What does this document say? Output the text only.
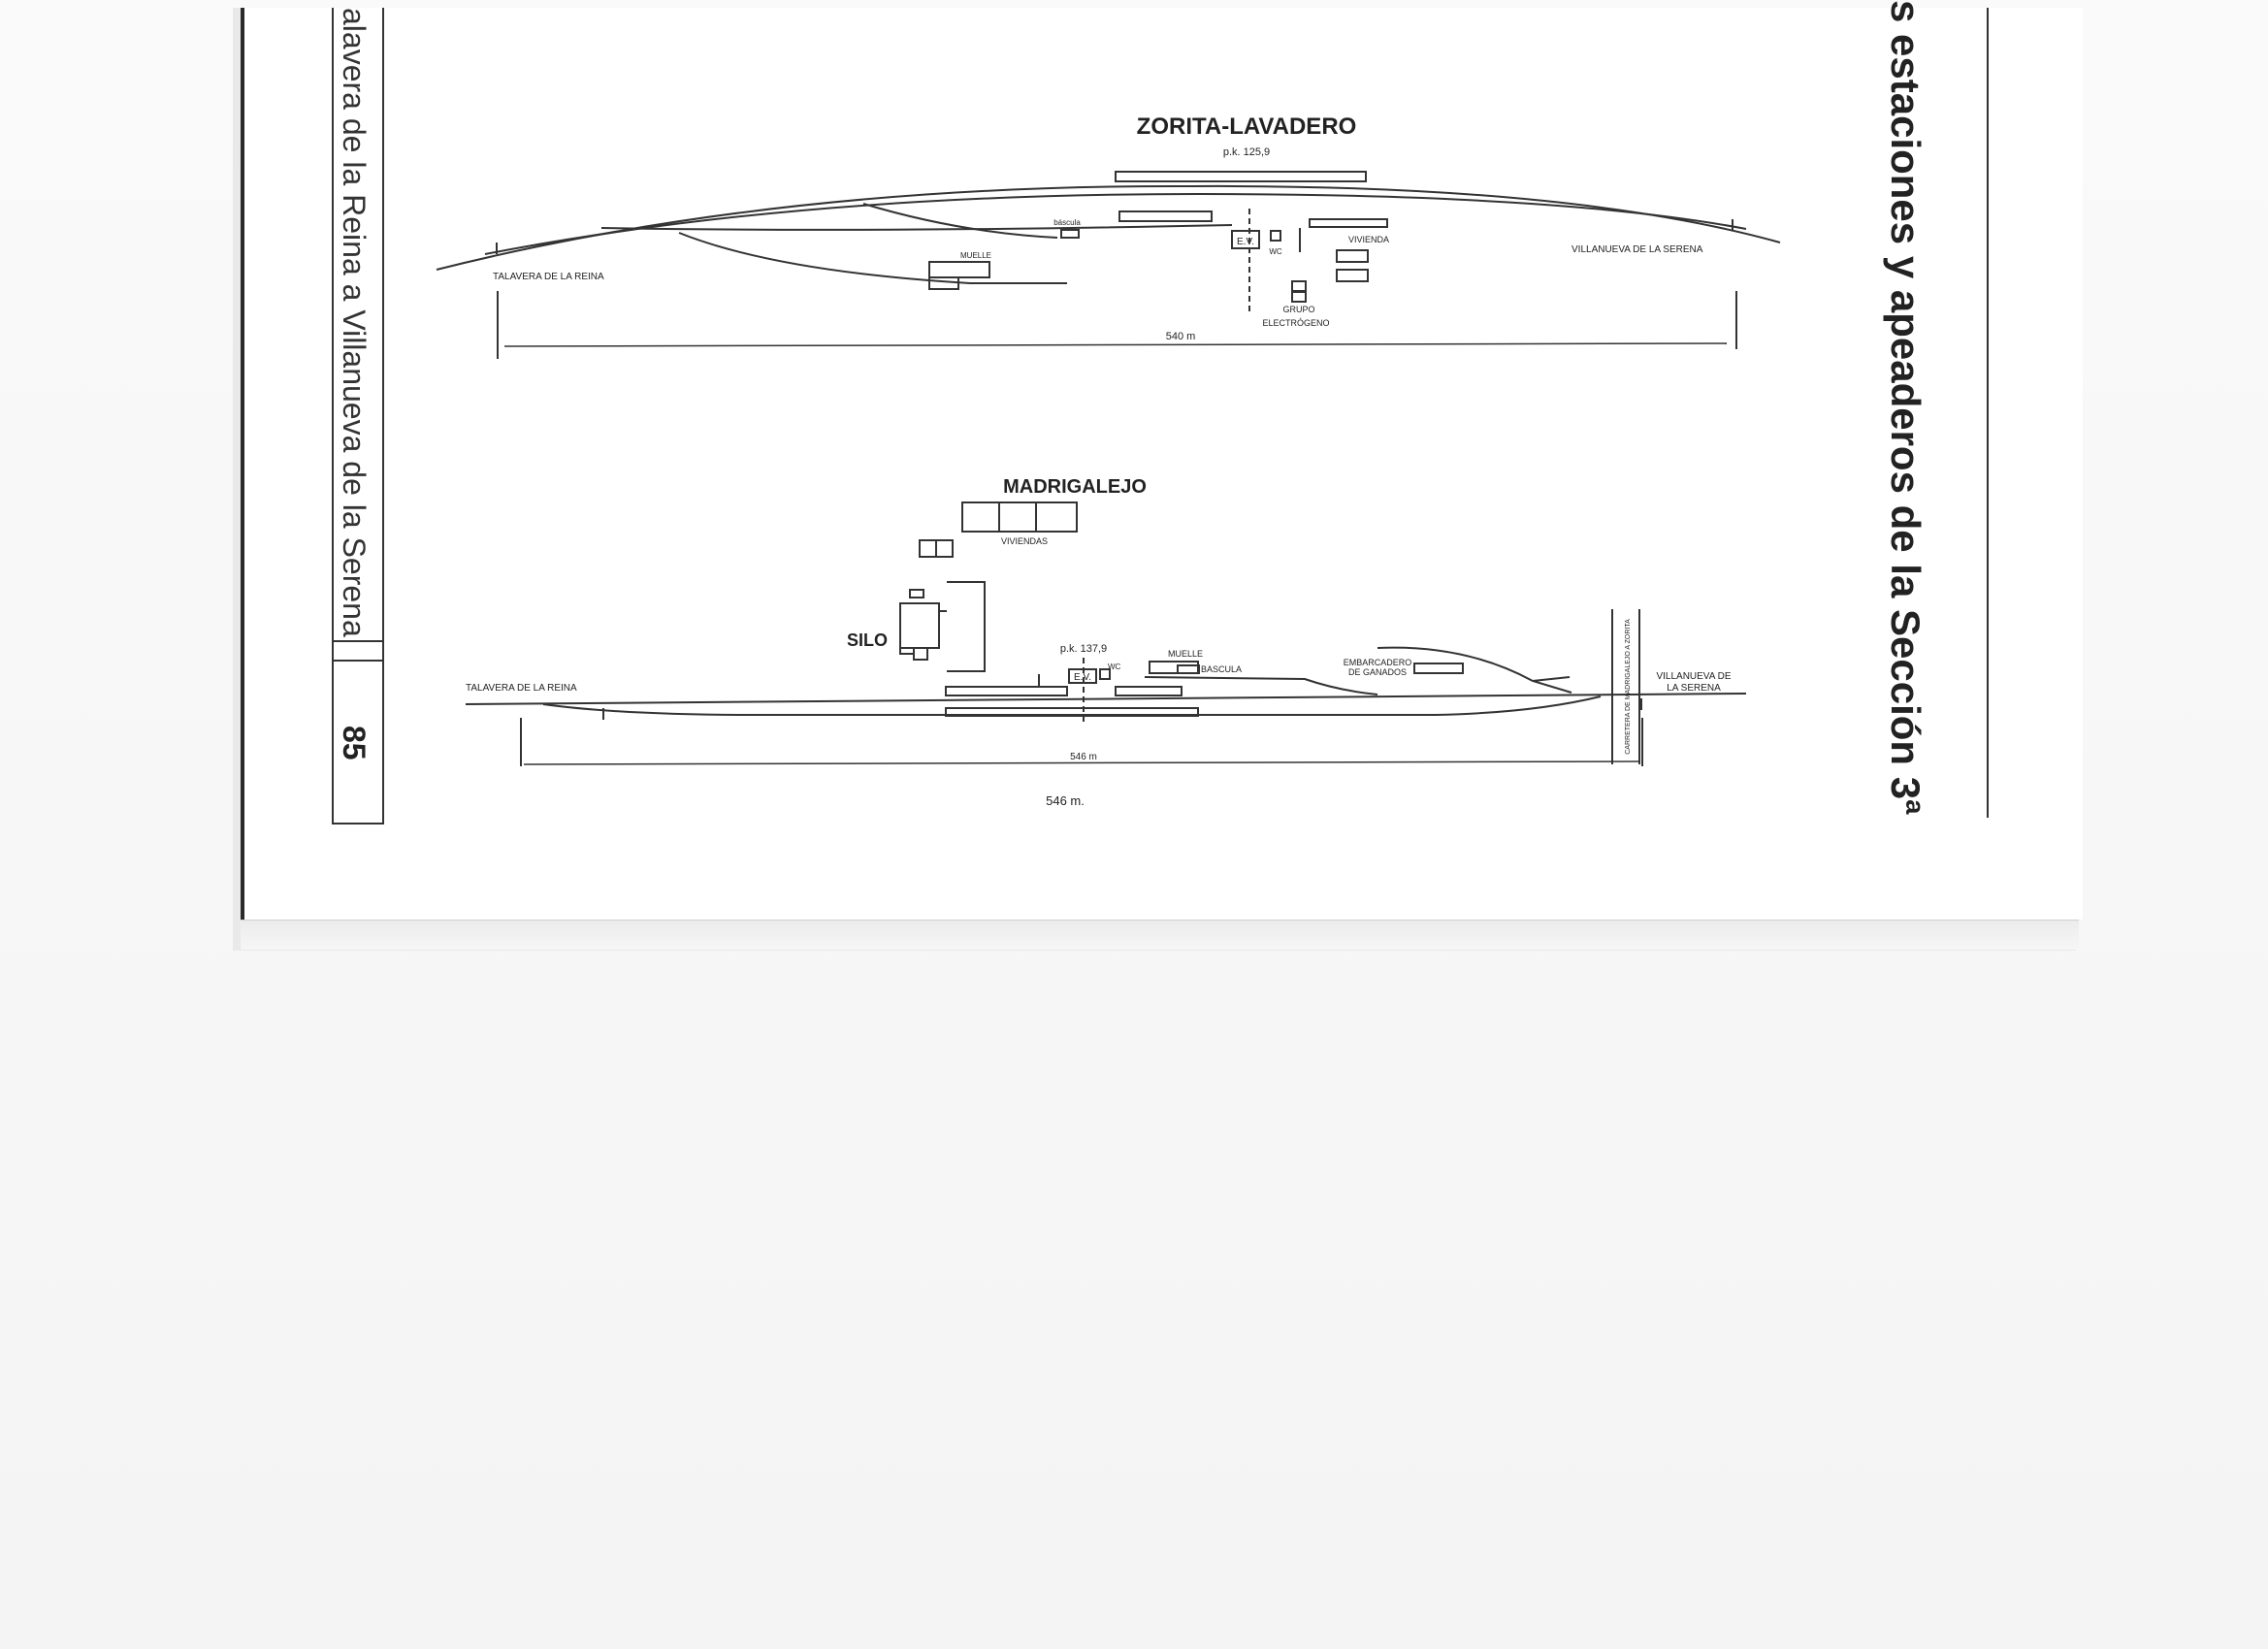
alavera de la Reina a Villanueva de la Serena
85	s estaciones y apeaderos de la Sección 3ª
ZORITA-LAVADERO
p.k. 125,9
báscula
MUELLE
E.V.
WC
VIVIENDA
GRUPO
ELECTRÓGENO
TALAVERA DE LA REINA
VILLANUEVA DE LA SERENA
540 m
MADRIGALEJO
VIVIENDAS
SILO	p.k. 137,9
E.V.
WC
MUELLE
BASCULA
EMBARCADERO
DE GANADOS
TALAVERA DE LA REINA
VILLANUEVA DE
LA SERENA
CARRETERA DE MADRIGALEJO A ZORITA
546 m
546 m.
